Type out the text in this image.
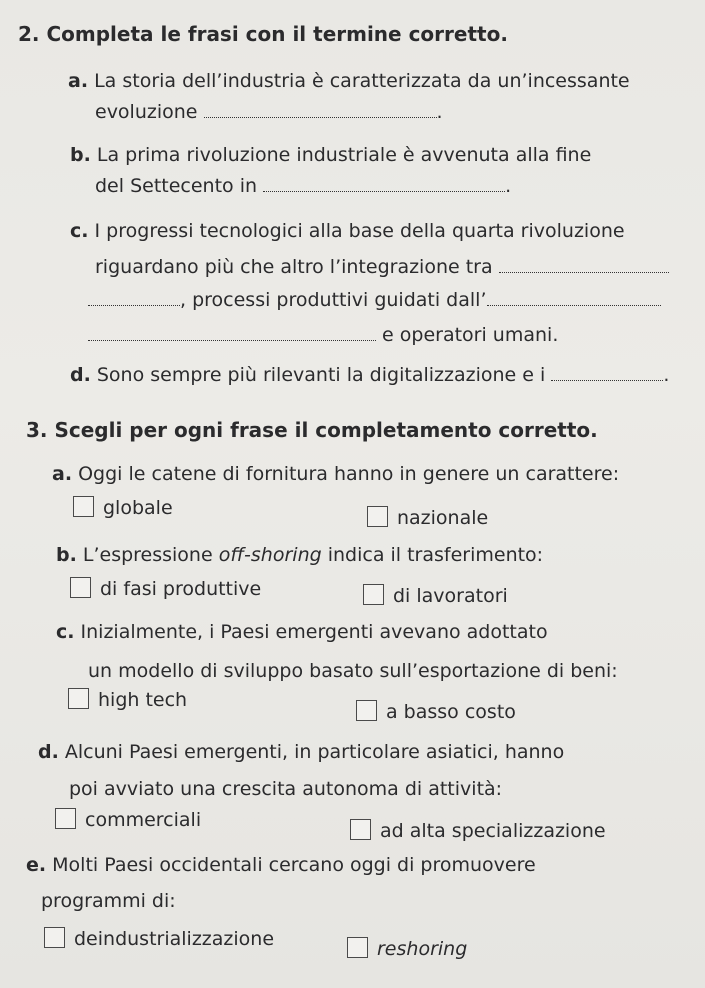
2. Completa le frasi con il termine corretto.
a. La storia dell’industria è caratterizzata da un’incessante
evoluzione	.
b. La prima rivoluzione industriale è avvenuta alla fine
del Settecento in	.
c. I progressi tecnologici alla base della quarta rivoluzione
riguardano più che altro l’integrazione tra
, processi produttivi guidati dall’
e operatori umani.
d. Sono sempre più rilevanti la digitalizzazione e i	.
3. Scegli per ogni frase il completamento corretto.
a. Oggi le catene di fornitura hanno in genere un carattere:
globale	nazionale
b. L’espressione off-shoring indica il trasferimento:
di fasi produttive	di lavoratori
c. Inizialmente, i Paesi emergenti avevano adottato
un modello di sviluppo basato sull’esportazione di beni:
high tech
a basso costo
d. Alcuni Paesi emergenti, in particolare asiatici, hanno
poi avviato una crescita autonoma di attività:
commerciali	ad alta specializzazione
e. Molti Paesi occidentali cercano oggi di promuovere
programmi di:
deindustrializzazione	reshoring
